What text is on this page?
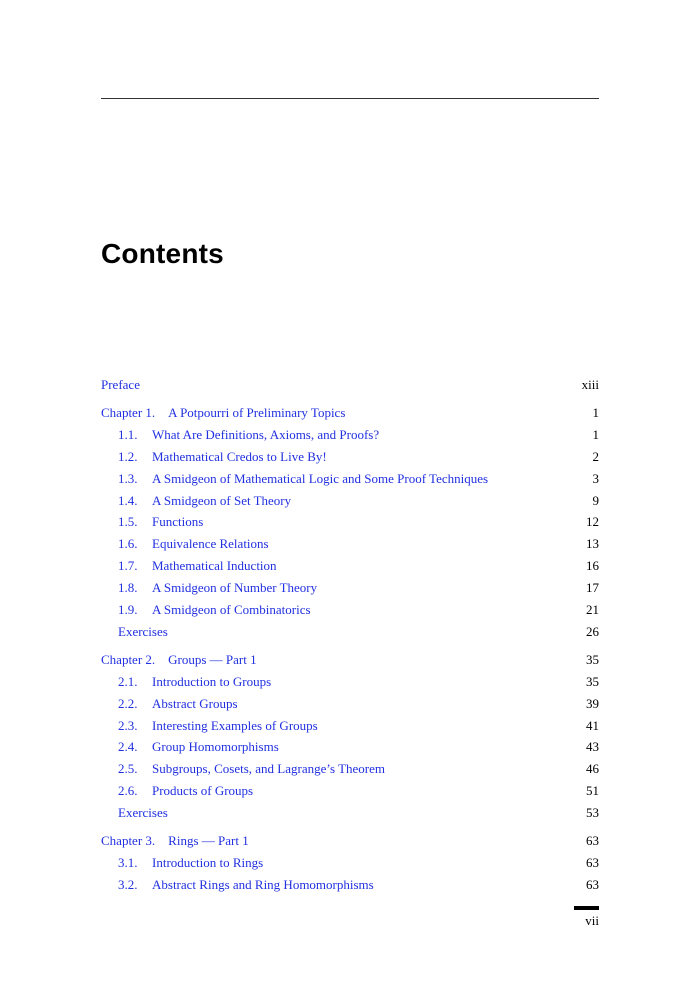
Contents
Preface	xiii
Chapter 1. A Potpourri of Preliminary Topics	1
1.1. What Are Definitions, Axioms, and Proofs?	1
1.2. Mathematical Credos to Live By!	2
1.3. A Smidgeon of Mathematical Logic and Some Proof Techniques	3
1.4. A Smidgeon of Set Theory	9
1.5. Functions	12
1.6. Equivalence Relations	13
1.7. Mathematical Induction	16
1.8. A Smidgeon of Number Theory	17
1.9. A Smidgeon of Combinatorics	21
Exercises	26
Chapter 2. Groups — Part 1	35
2.1. Introduction to Groups	35
2.2. Abstract Groups	39
2.3. Interesting Examples of Groups	41
2.4. Group Homomorphisms	43
2.5. Subgroups, Cosets, and Lagrange’s Theorem	46
2.6. Products of Groups	51
Exercises	53
Chapter 3. Rings — Part 1	63
3.1. Introduction to Rings	63
3.2. Abstract Rings and Ring Homomorphisms	63
vii
